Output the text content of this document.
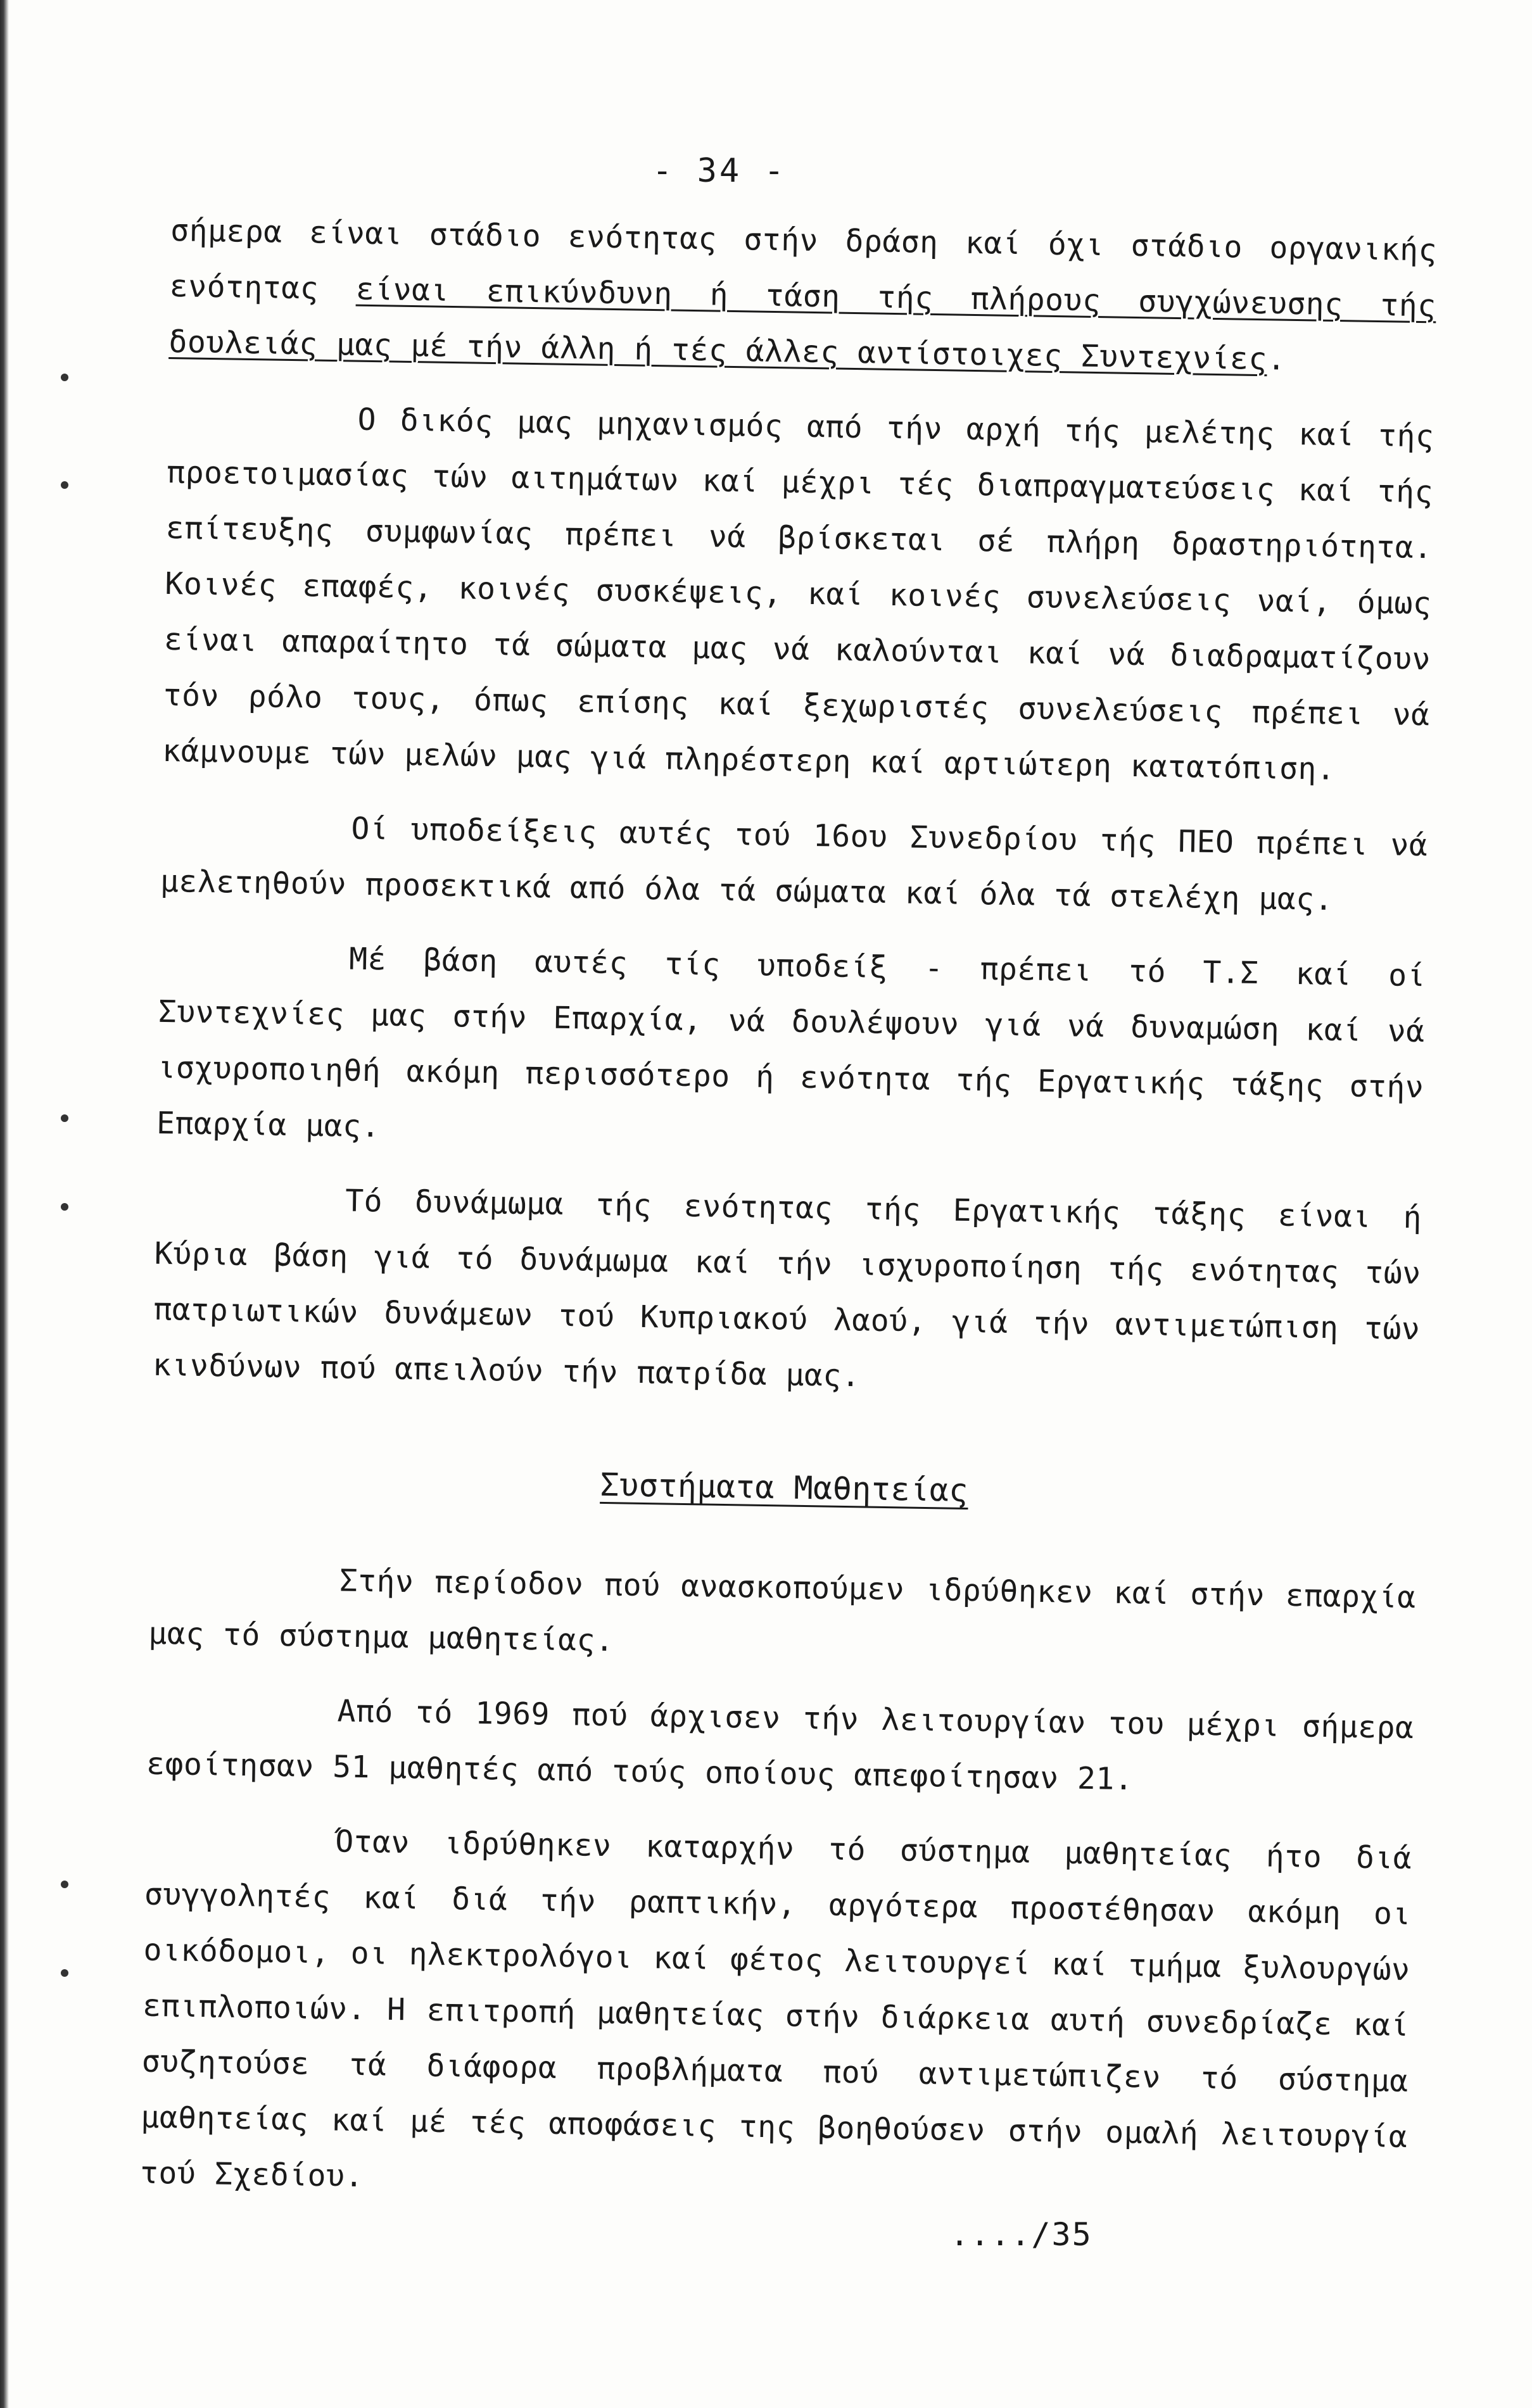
- 34 -

σήμερα είναι στάδιο ενότητας στήν δράση καί όχι στάδιο οργανικής ενότητας είναι επικύνδυνη ή τάση τής πλήρους συγχώνευσης τής δουλειάς μας μέ τήν άλλη ή τές άλλες αντίστοιχες Συντεχνίες.

Ο δικός μας μηχανισμός από τήν αρχή τής μελέτης καί τής προετοιμασίας τών αιτημάτων καί μέχρι τές διαπραγματεύσεις καί τής επίτευξης συμφωνίας πρέπει νά βρίσκεται σέ πλήρη δραστηριότητα. Κοινές επαφές, κοινές συσκέψεις, καί κοινές συνελεύσεις ναί, όμως είναι απαραίτητο τά σώματα μας νά καλούνται καί νά διαδραματίζουν τόν ρόλο τους, όπως επίσης καί ξεχωριστές συνελεύσεις πρέπει νά κάμνουμε τών μελών μας γιά πληρέστερη καί αρτιώτερη κατατόπιση.

Οί υποδείξεις αυτές τού 16ου Συνεδρίου τής ΠΕΟ πρέπει νά μελετηθούν προσεκτικά από όλα τά σώματα καί όλα τά στελέχη μας.

Μέ βάση αυτές τίς υποδείξ - πρέπει τό Τ.Σ καί οί Συντεχνίες μας στήν Επαρχία, νά δουλέψουν γιά νά δυναμώση καί νά ισχυροποιηθή ακόμη περισσότερο ή ενότητα τής Εργατικής τάξης στήν Επαρχία μας.

Τό δυνάμωμα τής ενότητας τής Εργατικής τάξης είναι ή Κύρια βάση γιά τό δυνάμωμα καί τήν ισχυροποίηση τής ενότητας τών πατριωτικών δυνάμεων τού Κυπριακού λαού, γιά τήν αντιμετώπιση τών κινδύνων πού απειλούν τήν πατρίδα μας.

Συστήματα Μαθητείας

Στήν περίοδον πού ανασκοπούμεν ιδρύθηκεν καί στήν επαρχία μας τό σύστημα μαθητείας.

Από τό 1969 πού άρχισεν τήν λειτουργίαν του μέχρι σήμερα εφοίτησαν 51 μαθητές από τούς οποίους απεφοίτησαν 21.

Όταν ιδρύθηκεν καταρχήν τό σύστημα μαθητείας ήτο διά συγγολητές καί διά τήν ραπτικήν, αργότερα προστέθησαν ακόμη οι οικόδομοι, οι ηλεκτρολόγοι καί φέτος λειτουργεί καί τμήμα ξυλουργών επιπλοποιών. Η επιτροπή μαθητείας στήν διάρκεια αυτή συνεδρίαζε καί συζητούσε τά διάφορα προβλήματα πού αντιμετώπιζεν τό σύστημα μαθητείας καί μέ τές αποφάσεις της βοηθούσεν στήν ομαλή λειτουργία τού Σχεδίου.

..../35
